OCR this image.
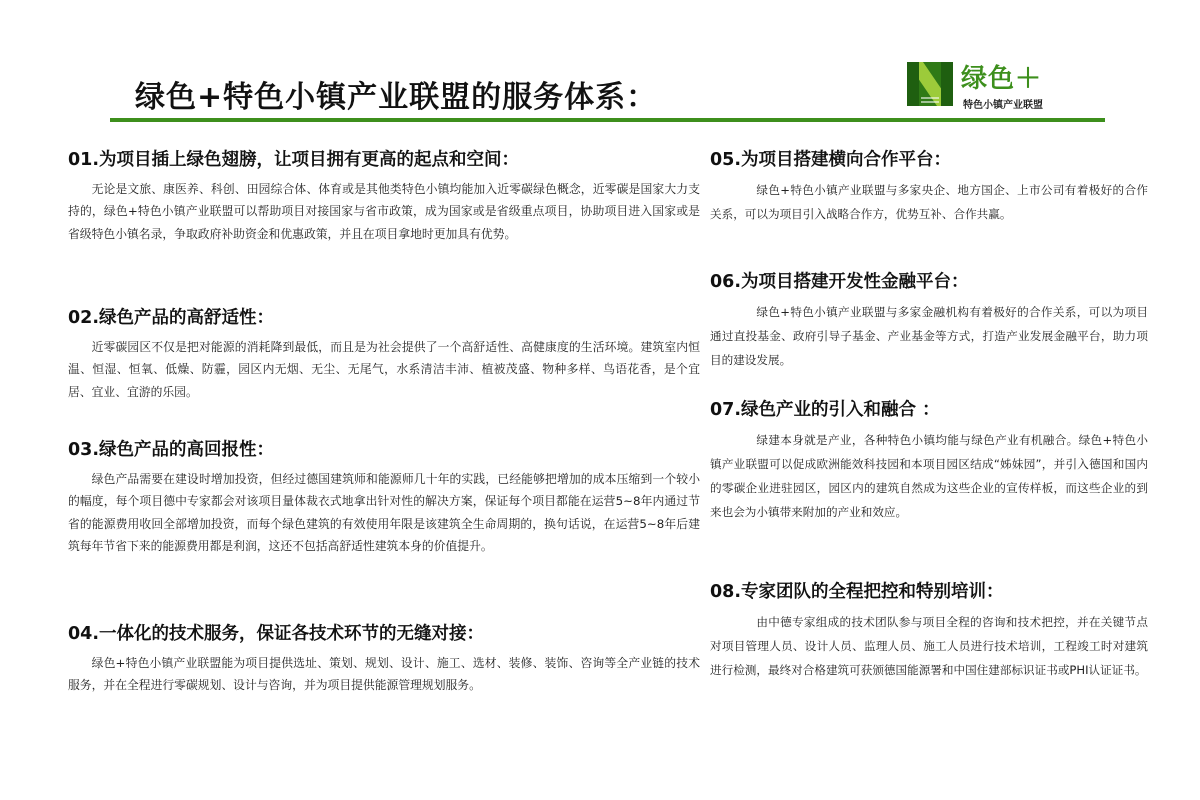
绿色+特色小镇产业联盟的服务体系：
绿色＋
特色小镇产业联盟
01.为项目插上绿色翅膀，让项目拥有更高的起点和空间：

无论是文旅、康医养、科创、田园综合体、体育或是其他类特色小镇均能加入近零碳绿色概念，近零碳是国家大力支持的，绿色+特色小镇产业联盟可以帮助项目对接国家与省市政策，成为国家或是省级重点项目，协助项目进入国家或是省级特色小镇名录，争取政府补助资金和优惠政策，并且在项目拿地时更加具有优势。

02.绿色产品的高舒适性：

近零碳园区不仅是把对能源的消耗降到最低，而且是为社会提供了一个高舒适性、高健康度的生活环境。建筑室内恒温、恒湿、恒氧、低燥、防霾，园区内无烟、无尘、无尾气，水系清洁丰沛、植被茂盛、物种多样、鸟语花香，是个宜居、宜业、宜游的乐园。

03.绿色产品的高回报性：

绿色产品需要在建设时增加投资，但经过德国建筑师和能源师几十年的实践，已经能够把增加的成本压缩到一个较小的幅度，每个项目德中专家都会对该项目量体裁衣式地拿出针对性的解决方案，保证每个项目都能在运营5~8年内通过节省的能源费用收回全部增加投资，而每个绿色建筑的有效使用年限是该建筑全生命周期的，换句话说，在运营5~8年后建筑每年节省下来的能源费用都是利润，这还不包括高舒适性建筑本身的价值提升。

04.一体化的技术服务，保证各技术环节的无缝对接：

绿色+特色小镇产业联盟能为项目提供选址、策划、规划、设计、施工、选材、装修、装饰、咨询等全产业链的技术服务，并在全程进行零碳规划、设计与咨询，并为项目提供能源管理规划服务。

05.为项目搭建横向合作平台：

绿色+特色小镇产业联盟与多家央企、地方国企、上市公司有着极好的合作关系，可以为项目引入战略合作方，优势互补、合作共赢。

06.为项目搭建开发性金融平台：

绿色+特色小镇产业联盟与多家金融机构有着极好的合作关系，可以为项目通过直投基金、政府引导子基金、产业基金等方式，打造产业发展金融平台，助力项目的建设发展。

07.绿色产业的引入和融合 ：

绿建本身就是产业，各种特色小镇均能与绿色产业有机融合。绿色+特色小镇产业联盟可以促成欧洲能效科技园和本项目园区结成“姊妹园”，并引入德国和国内的零碳企业进驻园区，园区内的建筑自然成为这些企业的宣传样板，而这些企业的到来也会为小镇带来附加的产业和效应。

08.专家团队的全程把控和特别培训：

由中德专家组成的技术团队参与项目全程的咨询和技术把控，并在关键节点对项目管理人员、设计人员、监理人员、施工人员进行技术培训，工程竣工时对建筑进行检测，最终对合格建筑可获颁德国能源署和中国住建部标识证书或PHI认证证书。
